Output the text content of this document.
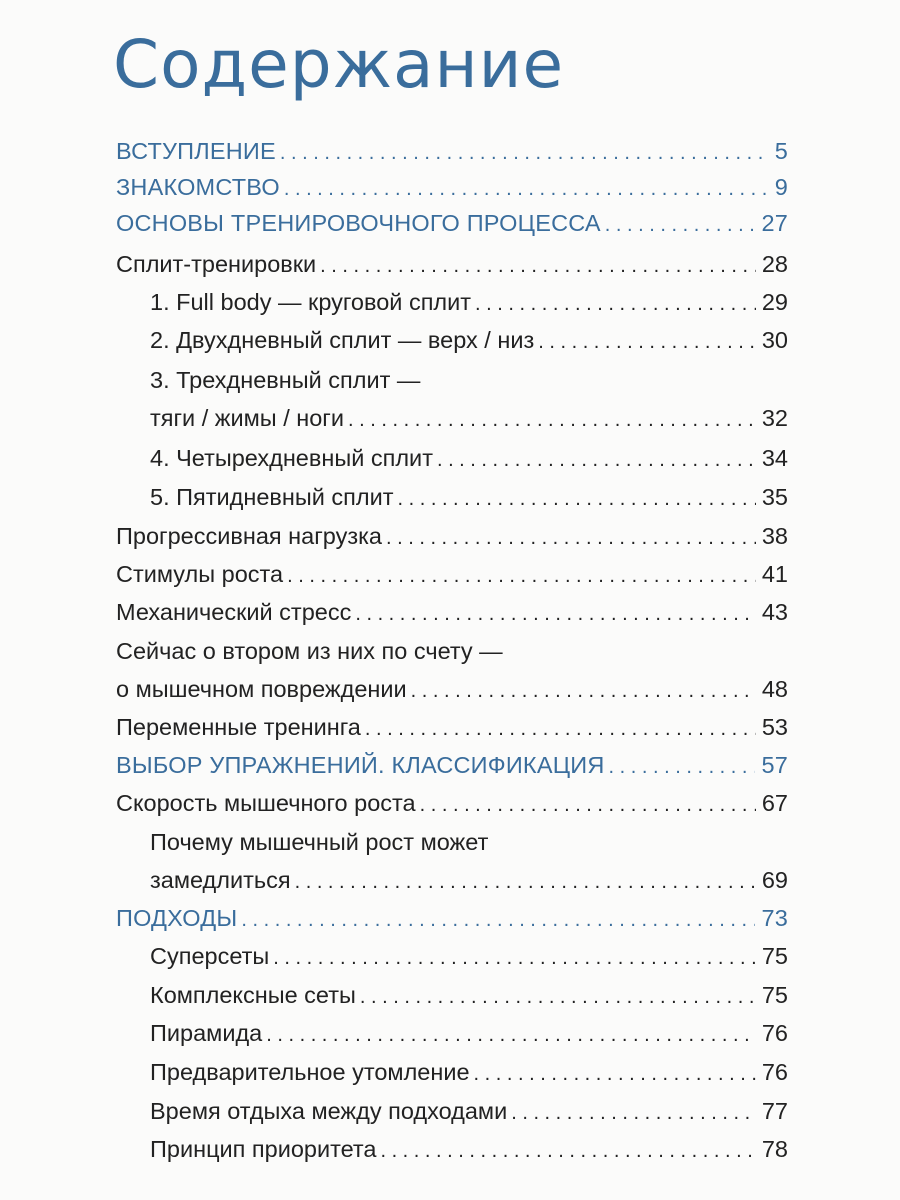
Содержание
ВСТУПЛЕНИЕ . . .	5
ЗНАКОМСТВО . . .	9
ОСНОВЫ ТРЕНИРОВОЧНОГО ПРОЦЕССА . . .	27
Сплит-тренировки . . .	28
1. Full body — круговой сплит . . .	29
2. Двухдневный сплит — верх / низ . . .	30
3. Трехдневный сплит —
тяги / жимы / ноги . . .	32
4. Четырехдневный сплит . . .	34
5. Пятидневный сплит . . .	35
Прогрессивная нагрузка . . .	38
Стимулы роста . . .	41
Механический стресс . . .	43
Сейчас о втором из них по счету —
о мышечном повреждении . . .	48
Переменные тренинга . . .	53
ВЫБОР УПРАЖНЕНИЙ. КЛАССИФИКАЦИЯ . . .	57
Скорость мышечного роста . . .	67
Почему мышечный рост может
замедлиться . . .	69
ПОДХОДЫ . . .	73
Суперсеты . . .	75
Комплексные сеты . . .	75
Пирамида . . .	76
Предварительное утомление . . .	76
Время отдыха между подходами . . .	77
Принцип приоритета . . .	78
